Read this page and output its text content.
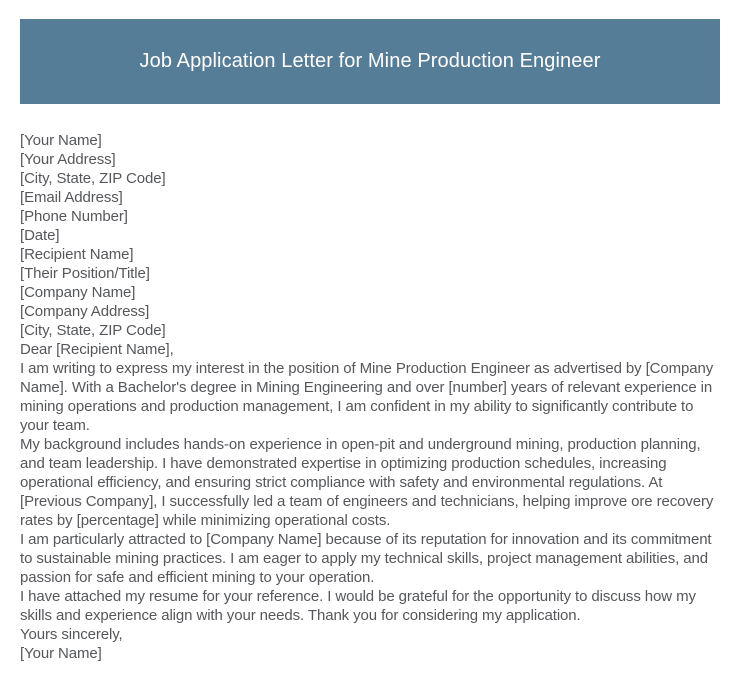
Job Application Letter for Mine Production Engineer
[Your Name]
[Your Address]
[City, State, ZIP Code]
[Email Address]
[Phone Number]
[Date]
[Recipient Name]
[Their Position/Title]
[Company Name]
[Company Address]
[City, State, ZIP Code]
Dear [Recipient Name],

I am writing to express my interest in the position of Mine Production Engineer as advertised by [Company Name]. With a Bachelor's degree in Mining Engineering and over [number] years of relevant experience in mining operations and production management, I am confident in my ability to significantly contribute to your team.

My background includes hands-on experience in open-pit and underground mining, production planning, and team leadership. I have demonstrated expertise in optimizing production schedules, increasing operational efficiency, and ensuring strict compliance with safety and environmental regulations. At [Previous Company], I successfully led a team of engineers and technicians, helping improve ore recovery rates by [percentage] while minimizing operational costs.

I am particularly attracted to [Company Name] because of its reputation for innovation and its commitment to sustainable mining practices. I am eager to apply my technical skills, project management abilities, and passion for safe and efficient mining to your operation.

I have attached my resume for your reference. I would be grateful for the opportunity to discuss how my skills and experience align with your needs. Thank you for considering my application.

Yours sincerely,
[Your Name]
